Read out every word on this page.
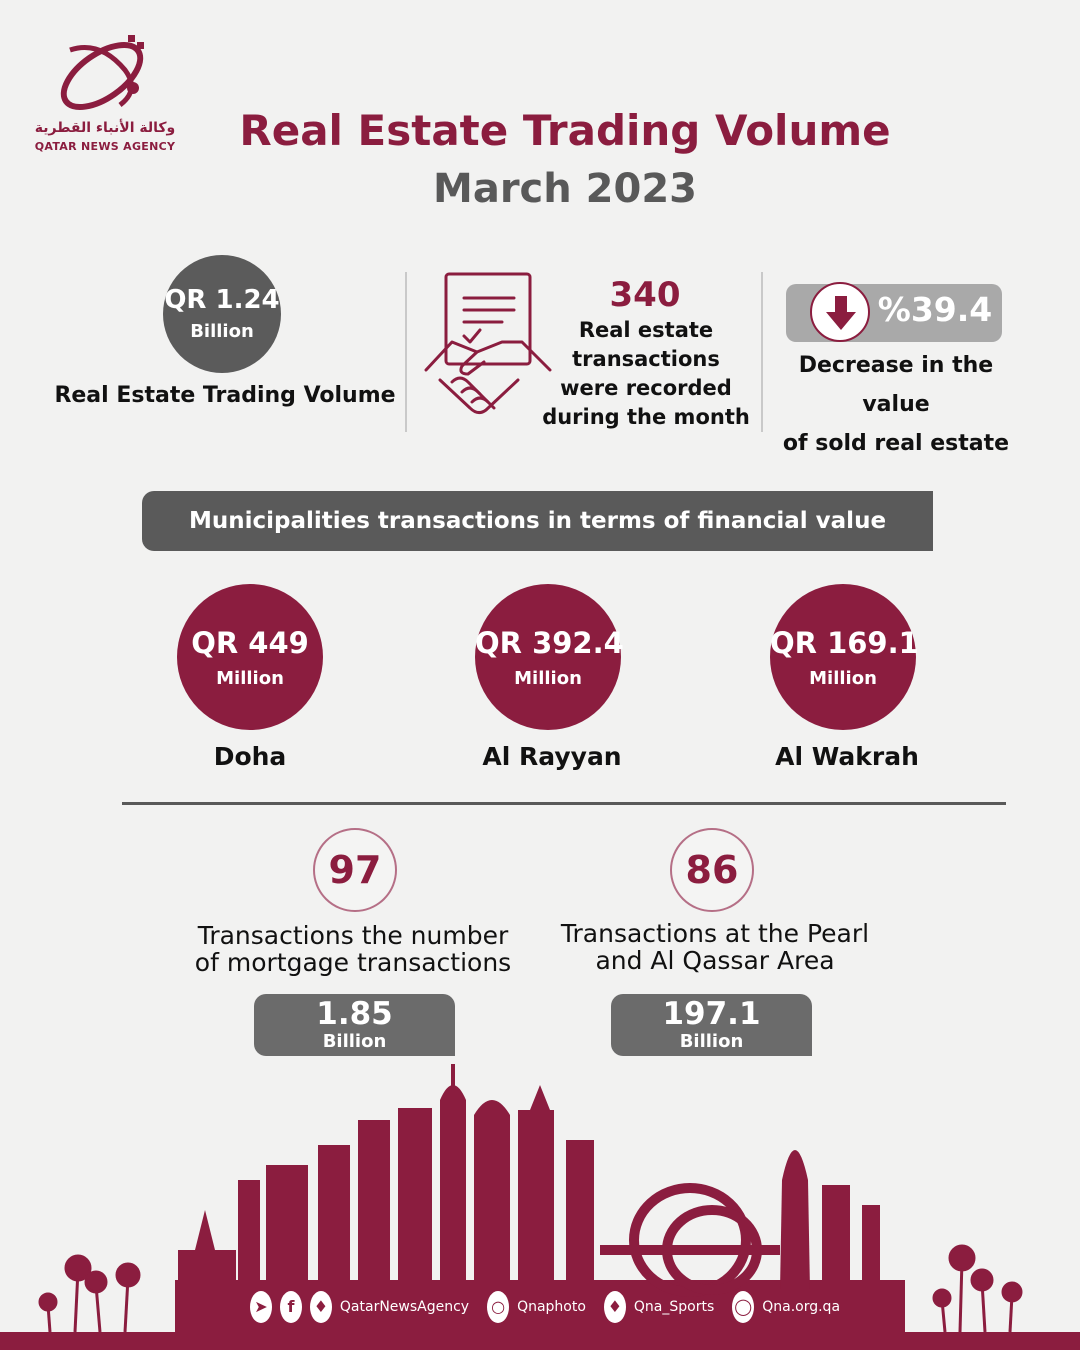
وكالة الأنباء القطرية
QATAR NEWS AGENCY	Real Estate Trading Volume
March 2023
QR 1.24
Billion
Real Estate Trading Volume
340
Real estate
transactions
were recorded
during the month
%39.4
Decrease in the value
of sold real estate
Municipalities transactions in terms of financial value
QR 449
Million
Doha
QR 392.4
Million
Al Rayyan
QR 169.1
Million
Al Wakrah
97
Transactions the number
of mortgage transactions
1.85
Billion
86
Transactions at the Pearl
and Al Qassar Area
197.1
Billion
➤	f	♦ QatarNewsAgency ○ Qnaphoto ♦ Qna_Sports ◯ Qna.org.qa
